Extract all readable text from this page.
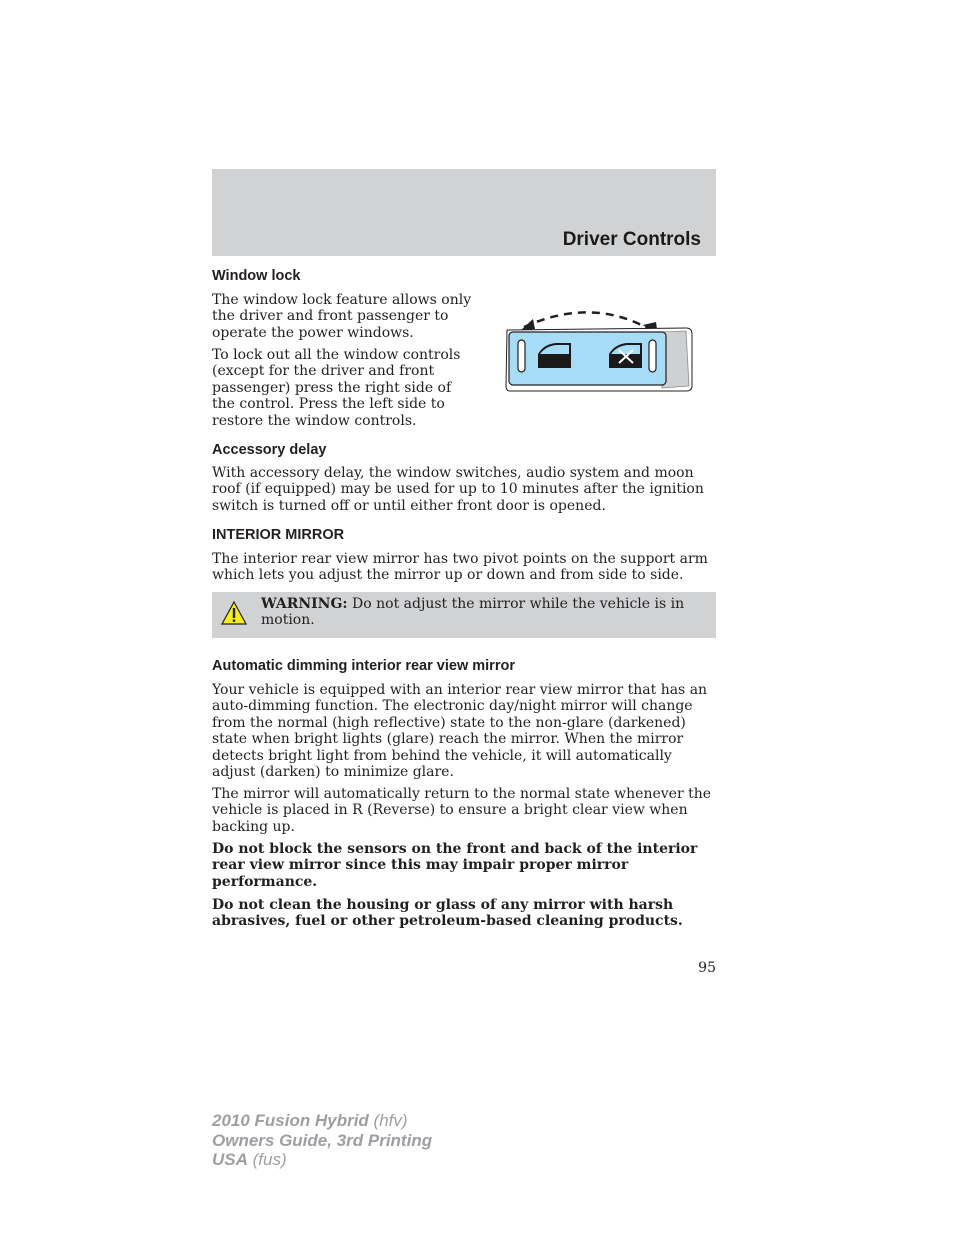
Driver Controls
Window lock

The window lock feature allows only the driver and front passenger to operate the power windows.

To lock out all the window controls (except for the driver and front passenger) press the right side of the control. Press the left side to restore the window controls.

Accessory delay

With accessory delay, the window switches, audio system and moon roof (if equipped) may be used for up to 10 minutes after the ignition switch is turned off or until either front door is opened.

INTERIOR MIRROR

The interior rear view mirror has two pivot points on the support arm which lets you adjust the mirror up or down and from side to side.

WARNING: Do not adjust the mirror while the vehicle is in motion.
Automatic dimming interior rear view mirror

Your vehicle is equipped with an interior rear view mirror that has an auto-dimming function. The electronic day/night mirror will change from the normal (high reflective) state to the non-glare (darkened) state when bright lights (glare) reach the mirror. When the mirror detects bright light from behind the vehicle, it will automatically adjust (darken) to minimize glare.

The mirror will automatically return to the normal state whenever the vehicle is placed in R (Reverse) to ensure a bright clear view when backing up.

Do not block the sensors on the front and back of the interior rear view mirror since this may impair proper mirror performance.

Do not clean the housing or glass of any mirror with harsh abrasives, fuel or other petroleum-based cleaning products.

95
2010 Fusion Hybrid (hfv)
Owners Guide, 3rd Printing
USA (fus)
